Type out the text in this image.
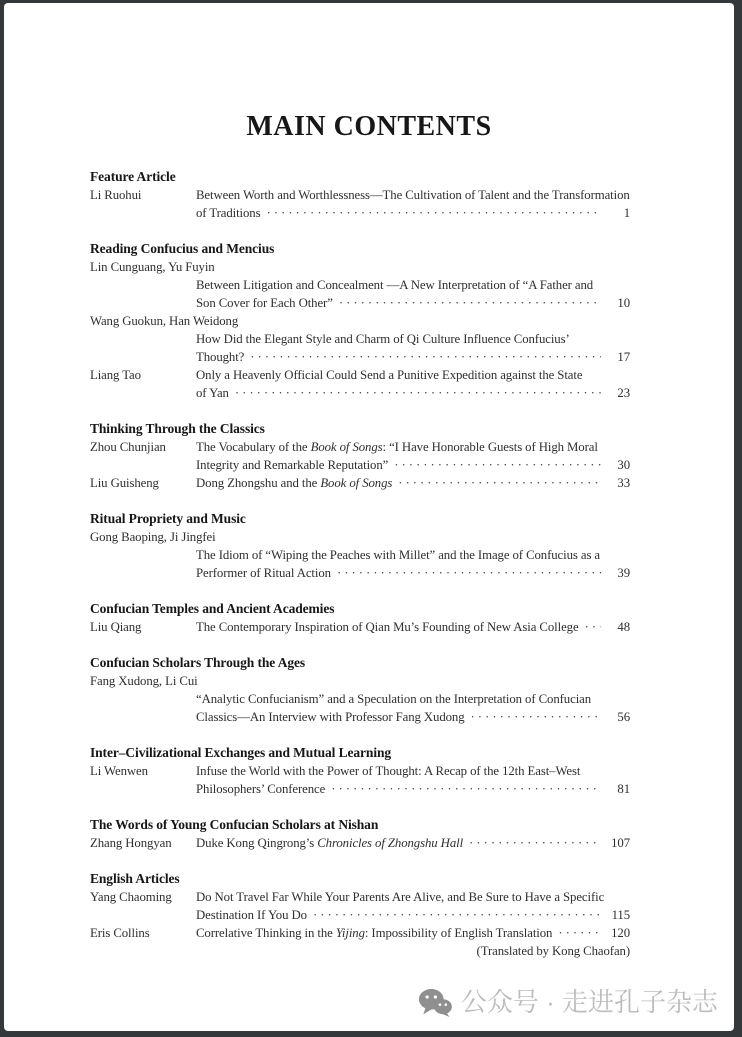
MAIN CONTENTS
Feature Article
Li Ruohui	Between Worth and Worthlessness—The Cultivation of Talent and the Transformation
of Traditions ·····	1
Reading Confucius and Mencius
Lin Cunguang, Yu Fuyin
Between Litigation and Concealment —A New Interpretation of “A Father and
Son Cover for Each Other” ·····	10
Wang Guokun, Han Weidong
How Did the Elegant Style and Charm of Qi Culture Influence Confucius’
Thought? ·····	17
Liang Tao	Only a Heavenly Official Could Send a Punitive Expedition against the State
of Yan ·····	23
Thinking Through the Classics
Zhou Chunjian	The Vocabulary of the Book of Songs: “I Have Honorable Guests of High Moral
Integrity and Remarkable Reputation” ·····	30
Liu Guisheng	Dong Zhongshu and the Book of Songs ·····	33
Ritual Propriety and Music
Gong Baoping, Ji Jingfei
The Idiom of “Wiping the Peaches with Millet” and the Image of Confucius as a
Performer of Ritual Action ·····	39
Confucian Temples and Ancient Academies
Liu Qiang	The Contemporary Inspiration of Qian Mu’s Founding of New Asia College ·····	48
Confucian Scholars Through the Ages
Fang Xudong, Li Cui
“Analytic Confucianism” and a Speculation on the Interpretation of Confucian
Classics—An Interview with Professor Fang Xudong ·····	56
Inter–Civilizational Exchanges and Mutual Learning
Li Wenwen	Infuse the World with the Power of Thought: A Recap of the 12th East–West
Philosophers’ Conference ·····	81
The Words of Young Confucian Scholars at Nishan
Zhang Hongyan	Duke Kong Qingrong’s Chronicles of Zhongshu Hall ·····	107
English Articles
Yang Chaoming	Do Not Travel Far While Your Parents Are Alive, and Be Sure to Have a Specific
Destination If You Do ·····	115
Eris Collins	Correlative Thinking in the Yijing: Impossibility of English Translation ·····	120
(Translated by Kong Chaofan)
公众号 · 走进孔子杂志
